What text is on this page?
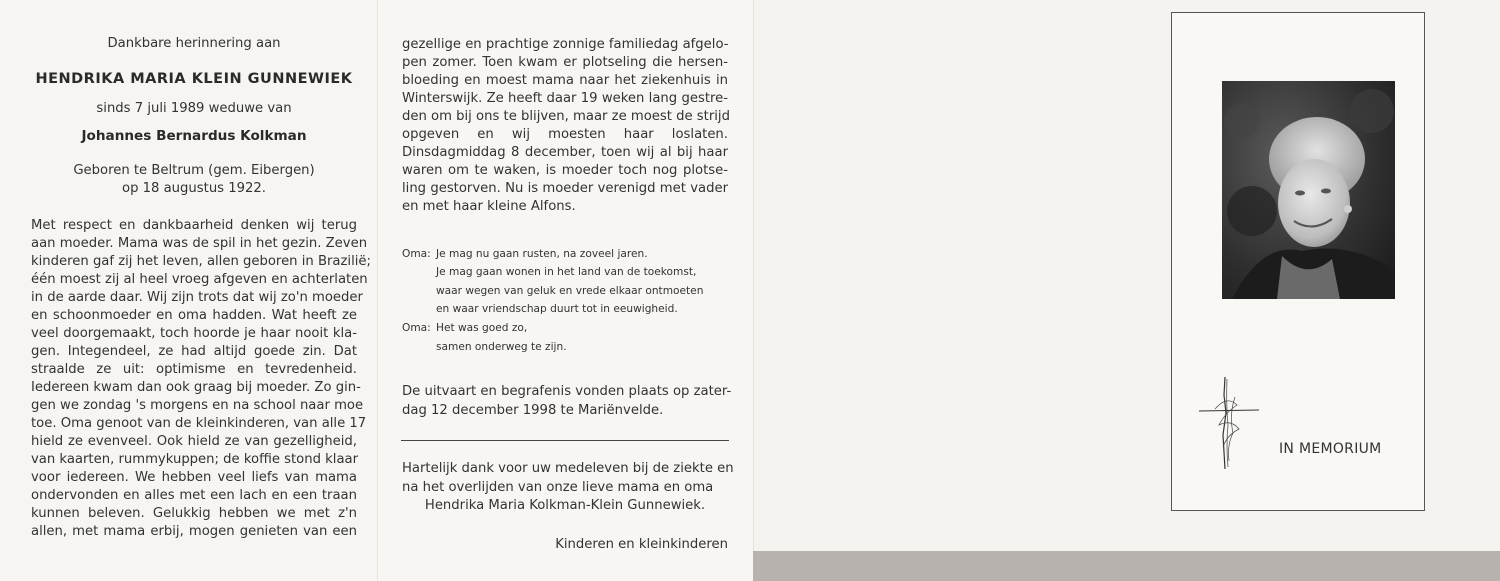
Dankbare herinnering aan
HENDRIKA MARIA KLEIN GUNNEWIEK
sinds 7 juli 1989 weduwe van
Johannes Bernardus Kolkman
Geboren te Beltrum (gem. Eibergen)
op 18 augustus 1922.
Met respect en dankbaarheid denken wij terug
aan moeder. Mama was de spil in het gezin. Zeven
kinderen gaf zij het leven, allen geboren in Brazilië;
één moest zij al heel vroeg afgeven en achterlaten
in de aarde daar. Wij zijn trots dat wij zo'n moeder
en schoonmoeder en oma hadden. Wat heeft ze
veel doorgemaakt, toch hoorde je haar nooit kla-
gen. Integendeel, ze had altijd goede zin. Dat
straalde ze uit: optimisme en tevredenheid.
Iedereen kwam dan ook graag bij moeder. Zo gin-
gen we zondag 's morgens en na school naar moe
toe. Oma genoot van de kleinkinderen, van alle 17
hield ze evenveel. Ook hield ze van gezelligheid,
van kaarten, rummykuppen; de koffie stond klaar
voor iedereen. We hebben veel liefs van mama
ondervonden en alles met een lach en een traan
kunnen beleven. Gelukkig hebben we met z'n
allen, met mama erbij, mogen genieten van een
gezellige en prachtige zonnige familiedag afgelo-
pen zomer. Toen kwam er plotseling die hersen-
bloeding en moest mama naar het ziekenhuis in
Winterswijk. Ze heeft daar 19 weken lang gestre-
den om bij ons te blijven, maar ze moest de strijd
opgeven en wij moesten haar loslaten.
Dinsdagmiddag 8 december, toen wij al bij haar
waren om te waken, is moeder toch nog plotse-
ling gestorven. Nu is moeder verenigd met vader
en met haar kleine Alfons.
Oma: Je mag nu gaan rusten, na zoveel jaren.
Je mag gaan wonen in het land van de toekomst,
waar wegen van geluk en vrede elkaar ontmoeten
en waar vriendschap duurt tot in eeuwigheid.
Oma: Het was goed zo,
samen onderweg te zijn.
De uitvaart en begrafenis vonden plaats op zater-
dag 12 december 1998 te Mariënvelde.
Hartelijk dank voor uw medeleven bij de ziekte en
na het overlijden van onze lieve mama en oma
Hendrika Maria Kolkman-Klein Gunnewiek.
Kinderen en kleinkinderen
IN MEMORIUM
